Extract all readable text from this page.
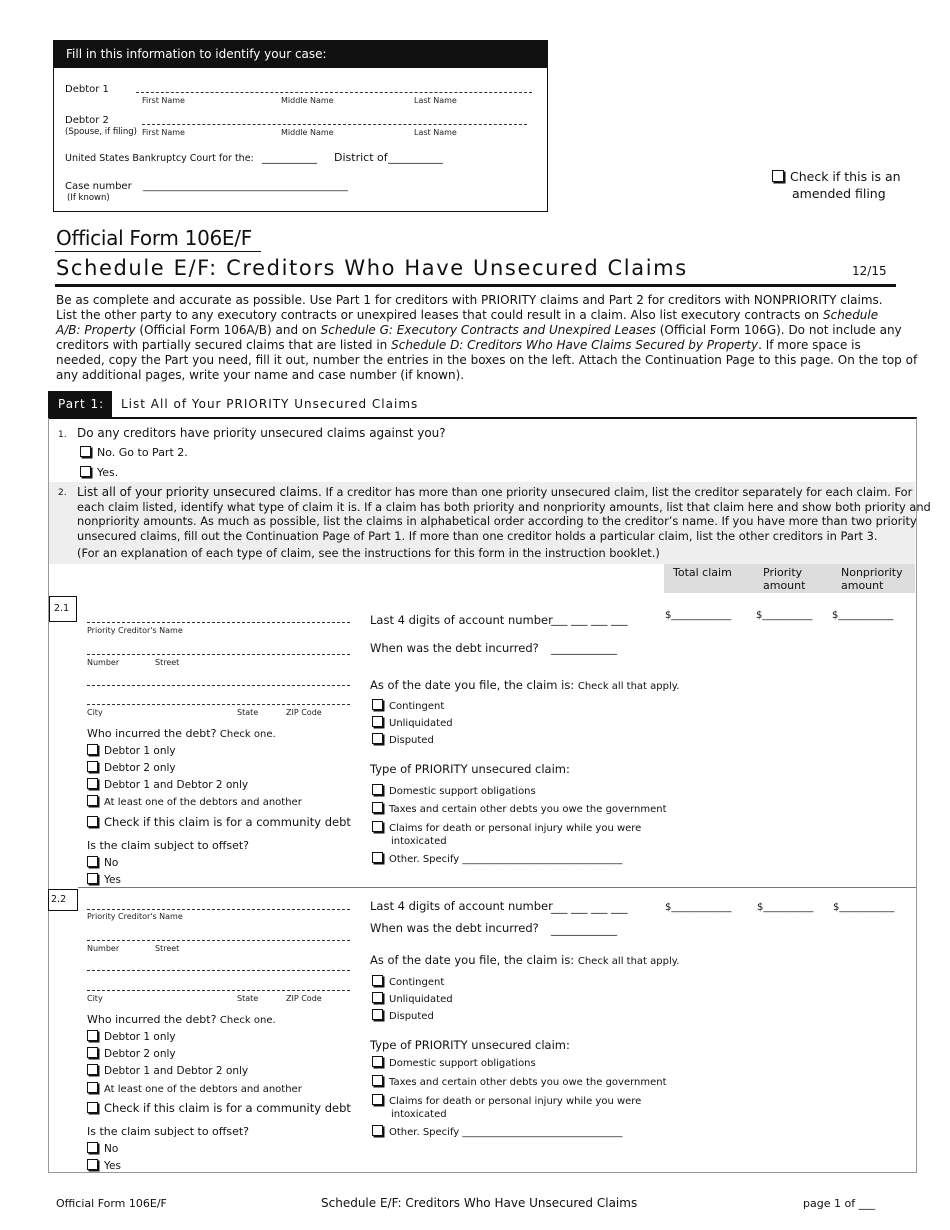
Fill in this information to identify your case:
Debtor 1
First Name	Middle Name	Last Name
Debtor 2
(Spouse, if filing) First Name	Middle Name	Last Name
United States Bankruptcy Court for the: __________ District of __________
Case number
(If known)
_________________________________________
Check if this is an
amended filing
Official Form 106E/F
Schedule E/F: Creditors Who Have Unsecured Claims	12/15
Be as complete and accurate as possible. Use Part 1 for creditors with PRIORITY claims and Part 2 for creditors with NONPRIORITY claims.
List the other party to any executory contracts or unexpired leases that could result in a claim. Also list executory contracts on Schedule
A/B: Property (Official Form 106A/B) and on Schedule G: Executory Contracts and Unexpired Leases (Official Form 106G). Do not include any
creditors with partially secured claims that are listed in Schedule D: Creditors Who Have Claims Secured by Property. If more space is
needed, copy the Part you need, fill it out, number the entries in the boxes on the left. Attach the Continuation Page to this page. On the top of
any additional pages, write your name and case number (if known).
Part 1:	List All of Your PRIORITY Unsecured Claims
1. Do any creditors have priority unsecured claims against you?
No. Go to Part 2.
Yes.
2. List all of your priority unsecured claims. If a creditor has more than one priority unsecured claim, list the creditor separately for each claim. For
each claim listed, identify what type of claim it is. If a claim has both priority and nonpriority amounts, list that claim here and show both priority and
nonpriority amounts. As much as possible, list the claims in alphabetical order according to the creditor’s name. If you have more than two priority
unsecured claims, fill out the Continuation Page of Part 1. If more than one creditor holds a particular claim, list the other creditors in Part 3.
(For an explanation of each type of claim, see the instructions for this form in the instruction booklet.)
Total claim	Priority
amount
Nonpriority
amount
2.1
Priority Creditor's Name
Number	Street
City	State	ZIP Code
Who incurred the debt? Check one.
Debtor 1 only
Debtor 2 only
Debtor 1 and Debtor 2 only
At least one of the debtors and another
Check if this claim is for a community debt
Is the claim subject to offset?
No
Yes
Last 4 digits of account number
___ ___ ___ ___
When was the debt incurred? ____________
As of the date you file, the claim is: Check all that apply.
Contingent
Unliquidated
Disputed
Type of PRIORITY unsecured claim:
Domestic support obligations
Taxes and certain other debts you owe the government
Claims for death or personal injury while you were
intoxicated
Other. Specify ________________________________
$____________ $__________ $___________
2.2
Priority Creditor's Name
Number	Street
City	State	ZIP Code
Who incurred the debt? Check one.
Debtor 1 only
Debtor 2 only
Debtor 1 and Debtor 2 only
At least one of the debtors and another
Check if this claim is for a community debt
Is the claim subject to offset?
No
Yes
Last 4 digits of account number
___ ___ ___ ___
When was the debt incurred? ____________
As of the date you file, the claim is: Check all that apply.
Contingent
Unliquidated
Disputed
Type of PRIORITY unsecured claim:
Domestic support obligations
Taxes and certain other debts you owe the government
Claims for death or personal injury while you were
intoxicated
Other. Specify ________________________________
$____________	$__________ $___________
Official Form 106E/F	Schedule E/F: Creditors Who Have Unsecured Claims	page 1 of ___
